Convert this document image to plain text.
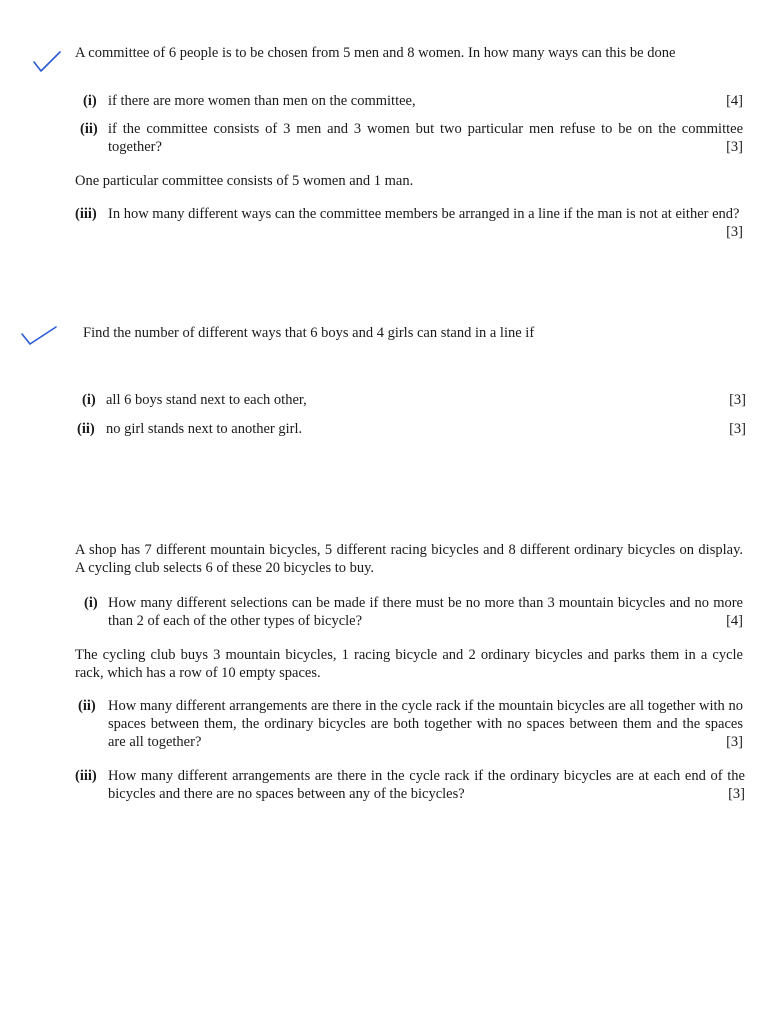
A committee of 6 people is to be chosen from 5 men and 8 women. In how many ways can this be done

(i) if there are more women than men on the committee,	[4]
(ii) if the committee consists of 3 men and 3 women but two particular men refuse to be on the committee together?	[3]

One particular committee consists of 5 women and 1 man.

(iii) In how many different ways can the committee members be arranged in a line if the man is not at either end?
[3]

Find the number of different ways that 6 boys and 4 girls can stand in a line if

(i) all 6 boys stand next to each other,	[3]
(ii) no girl stands next to another girl.	[3]

A shop has 7 different mountain bicycles, 5 different racing bicycles and 8 different ordinary bicycles on display. A cycling club selects 6 of these 20 bicycles to buy.

(i) How many different selections can be made if there must be no more than 3 mountain bicycles and no more than 2 of each of the other types of bicycle?	[4]

The cycling club buys 3 mountain bicycles, 1 racing bicycle and 2 ordinary bicycles and parks them in a cycle rack, which has a row of 10 empty spaces.

(ii) How many different arrangements are there in the cycle rack if the mountain bicycles are all together with no spaces between them, the ordinary bicycles are both together with no spaces between them and the spaces are all together?	[3]
(iii) How many different arrangements are there in the cycle rack if the ordinary bicycles are at each end of the bicycles and there are no spaces between any of the bicycles?	[3]
